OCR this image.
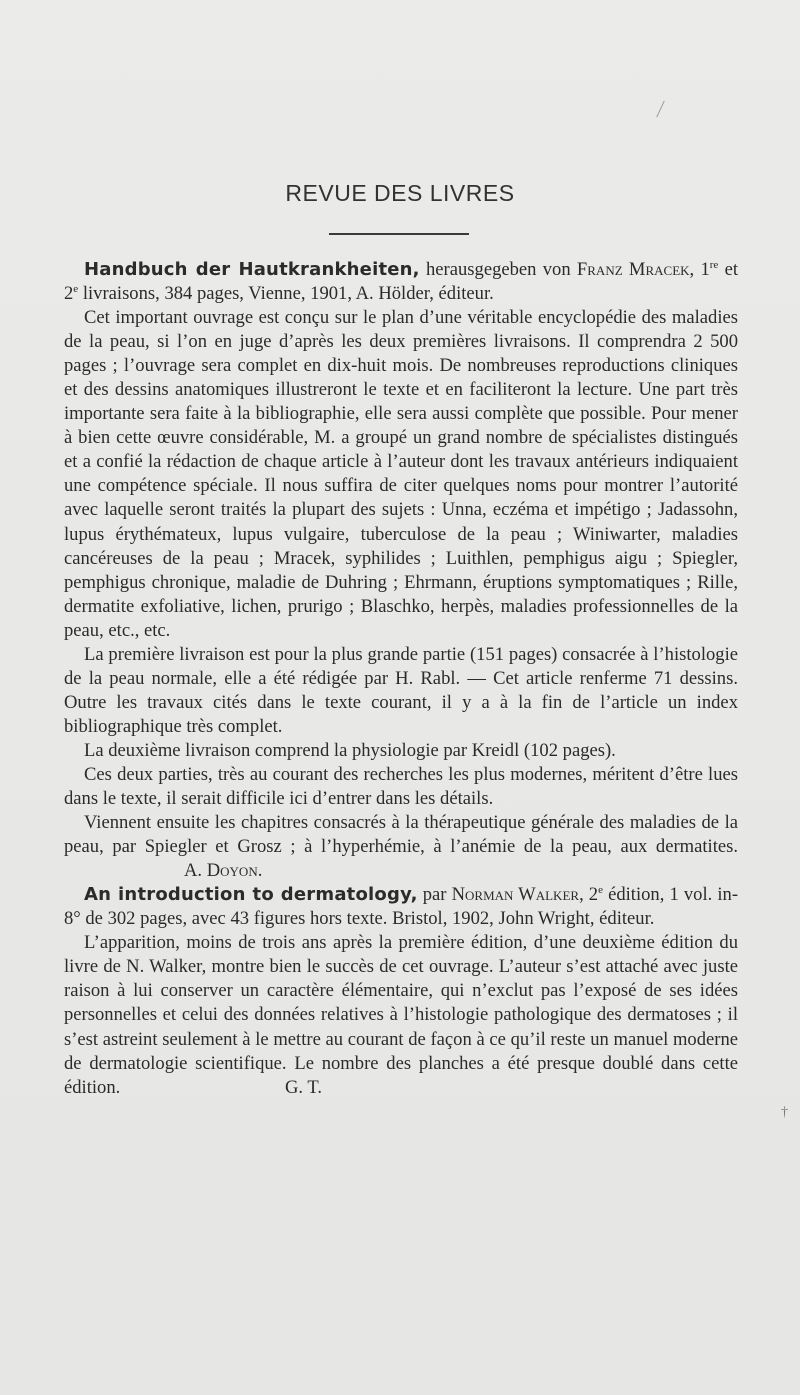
REVUE DES LIVRES

Handbuch der Hautkrankheiten, herausgegeben von Franz Mracek, 1re et 2e livraisons, 384 pages, Vienne, 1901, A. Hölder, éditeur.

Cet important ouvrage est conçu sur le plan d’une véritable encyclopédie des maladies de la peau, si l’on en juge d’après les deux premières livraisons. Il comprendra 2 500 pages ; l’ouvrage sera complet en dix-huit mois. De nombreuses reproductions cliniques et des dessins anatomiques illustreront le texte et en faciliteront la lecture. Une part très importante sera faite à la bibliographie, elle sera aussi complète que possible. Pour mener à bien cette œuvre considérable, M. a groupé un grand nombre de spécialistes distingués et a confié la rédaction de chaque article à l’auteur dont les travaux antérieurs indiquaient une compétence spéciale. Il nous suffira de citer quelques noms pour montrer l’autorité avec laquelle seront traités la plupart des sujets : Unna, eczéma et impétigo ; Jadassohn, lupus érythémateux, lupus vulgaire, tuberculose de la peau ; Winiwarter, maladies cancéreuses de la peau ; Mracek, syphilides ; Luithlen, pemphigus aigu ; Spiegler, pemphigus chronique, maladie de Duhring ; Ehrmann, éruptions symptomatiques ; Rille, dermatite exfoliative, lichen, prurigo ; Blaschko, herpès, maladies professionnelles de la peau, etc., etc.

La première livraison est pour la plus grande partie (151 pages) consacrée à l’histologie de la peau normale, elle a été rédigée par H. Rabl. — Cet article renferme 71 dessins. Outre les travaux cités dans le texte courant, il y a à la fin de l’article un index bibliographique très complet.

La deuxième livraison comprend la physiologie par Kreidl (102 pages).

Ces deux parties, très au courant des recherches les plus modernes, méritent d’être lues dans le texte, il serait difficile ici d’entrer dans les détails.

Viennent ensuite les chapitres consacrés à la thérapeutique générale des maladies de la peau, par Spiegler et Grosz ; à l’hyperhémie, à l’anémie de la peau, aux dermatites. A. Doyon.

An introduction to dermatology, par Norman Walker, 2e édition, 1 vol. in-8° de 302 pages, avec 43 figures hors texte. Bristol, 1902, John Wright, éditeur.

L’apparition, moins de trois ans après la première édition, d’une deuxième édition du livre de N. Walker, montre bien le succès de cet ouvrage. L’auteur s’est attaché avec juste raison à lui conserver un caractère élémentaire, qui n’exclut pas l’exposé de ses idées personnelles et celui des données relatives à l’histologie pathologique des dermatoses ; il s’est astreint seulement à le mettre au courant de façon à ce qu’il reste un manuel moderne de dermatologie scientifique. Le nombre des planches a été presque doublé dans cette édition.	G. T.

†
